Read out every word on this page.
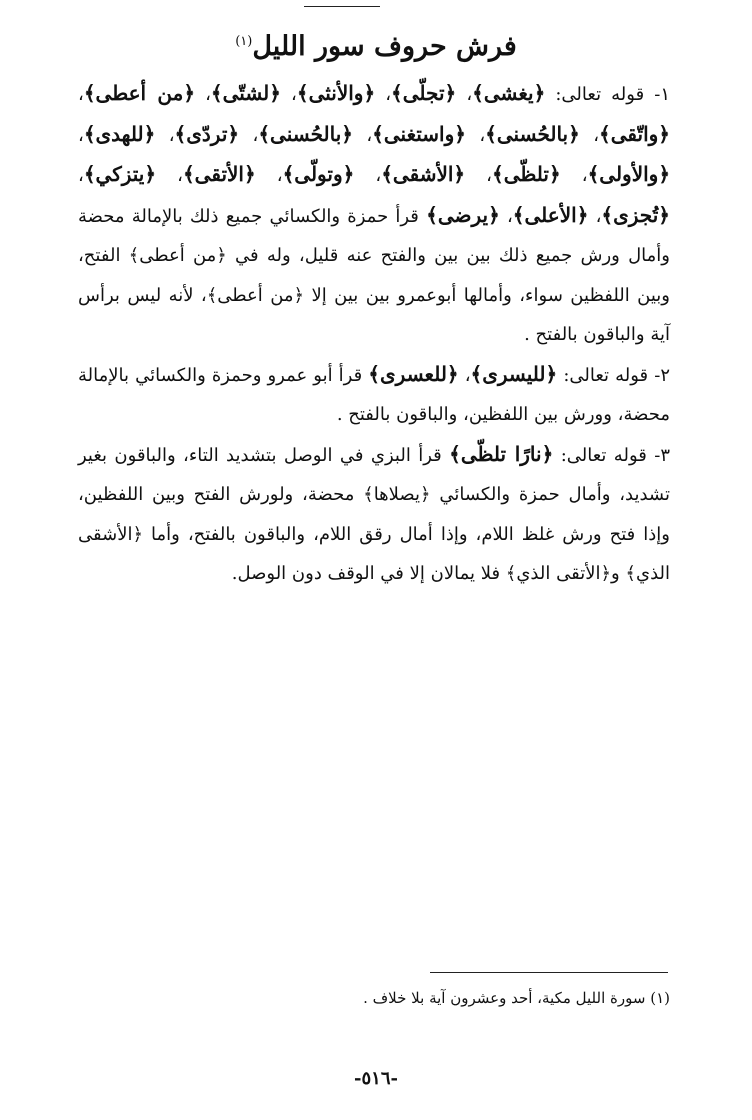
فرش حروف سور الليل$^{(١)}$

١- قوله تعالى: ﴿يغشى﴾، ﴿تجلّى﴾، ﴿والأنثى﴾، ﴿لشتّى﴾، ﴿من أعطى﴾، ﴿واتّقى﴾، ﴿بالحُسنى﴾، ﴿واستغنى﴾، ﴿بالحُسنى﴾، ﴿تردّى﴾، ﴿للهدى﴾، ﴿والأولى﴾، ﴿تلظّى﴾، ﴿الأشقى﴾، ﴿وتولّى﴾، ﴿الأتقى﴾، ﴿يتزكي﴾، ﴿تُجزى﴾، ﴿الأعلى﴾، ﴿يرضى﴾ قرأ حمزة والكسائي جميع ذلك بالإمالة محضة وأمال ورش جميع ذلك بين بين والفتح عنه قليل، وله في ﴿من أعطى﴾ الفتح، وبين اللفظين سواء، وأمالها أبوعمرو بين بين إلا ﴿من أعطى﴾، لأنه ليس برأس آية والباقون بالفتح .

٢- قوله تعالى: ﴿لليسرى﴾، ﴿للعسرى﴾ قرأ أبو عمرو وحمزة والكسائي بالإمالة محضة، وورش بين اللفظين، والباقون بالفتح .

٣- قوله تعالى: ﴿نارًا تلظّى﴾ قرأ البزي في الوصل بتشديد التاء، والباقون بغير تشديد، وأمال حمزة والكسائي ﴿يصلاها﴾ محضة، ولورش الفتح وبين اللفظين، وإذا فتح ورش غلظ اللام، وإذا أمال رقق اللام، والباقون بالفتح، وأما ﴿الأشقى الذي﴾ و﴿الأتقى الذي﴾ فلا يمالان إلا في الوقف دون الوصل.

(١) سورة الليل مكية، أحد وعشرون آية بلا خلاف .

-٥١٦-
